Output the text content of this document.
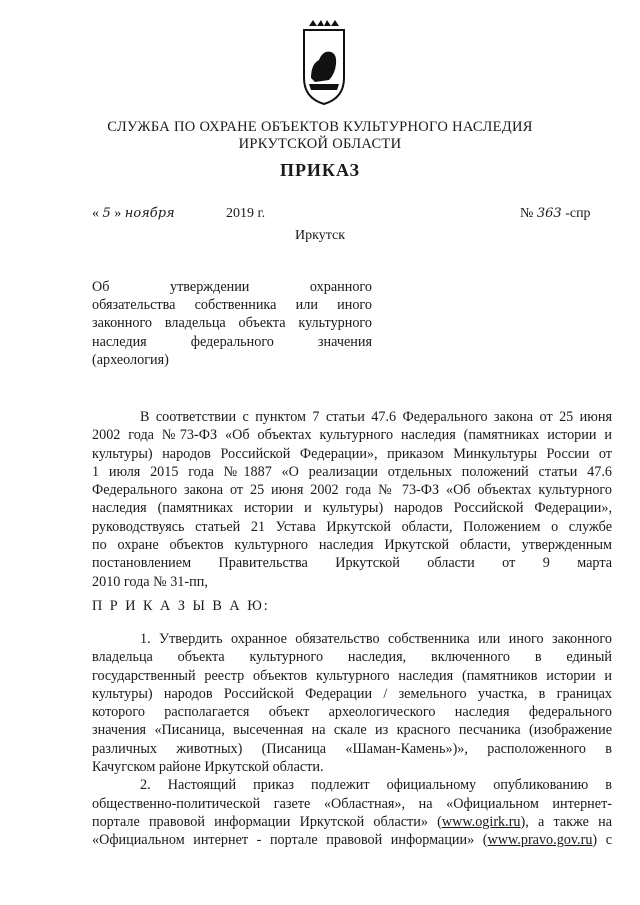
СЛУЖБА ПО ОХРАНЕ ОБЪЕКТОВ КУЛЬТУРНОГО НАСЛЕДИЯ
ИРКУТСКОЙ ОБЛАСТИ
ПРИКАЗ
« 5 » ноября	2019 г.	№ 363 -спр
Иркутск
Об утверждении охранного
обязательства собственника или иного
законного владельца объекта культурного
наследия федерального значения
(археология)
В соответствии с пунктом 7 статьи 47.6 Федерального закона от 25 июня
2002 года №73-ФЗ «Об объектах культурного наследия (памятниках истории и
культуры) народов Российской Федерации», приказом Минкультуры России от
1 июля 2015 года №1887 «О реализации отдельных положений статьи 47.6
Федерального закона от 25 июня 2002 года № 73-ФЗ «Об объектах культурного
наследия (памятниках истории и культуры) народов Российской Федерации»,
руководствуясь статьей 21 Устава Иркутской области, Положением о службе
по охране объектов культурного наследия Иркутской области, утвержденным
постановлением Правительства Иркутской области от 9 марта
2010 года № 31-пп,
П Р И К А З Ы В А Ю:
1. Утвердить охранное обязательство собственника или иного законного
владельца объекта культурного наследия, включенного в единый
государственный реестр объектов культурного наследия (памятников истории и
культуры) народов Российской Федерации / земельного участка, в границах
которого располагается объект археологического наследия федерального
значения «Писаница, высеченная на скале из красного песчаника (изображение
различных животных) (Писаница «Шаман-Камень»)», расположенного в
Качугском районе Иркутской области.
2. Настоящий приказ подлежит официальному опубликованию в
общественно-политической газете «Областная», на «Официальном интернет-
портале правовой информации Иркутской области» (www.ogirk.ru), а также на
«Официальном интернет - портале правовой информации» (www.pravo.gov.ru) с
